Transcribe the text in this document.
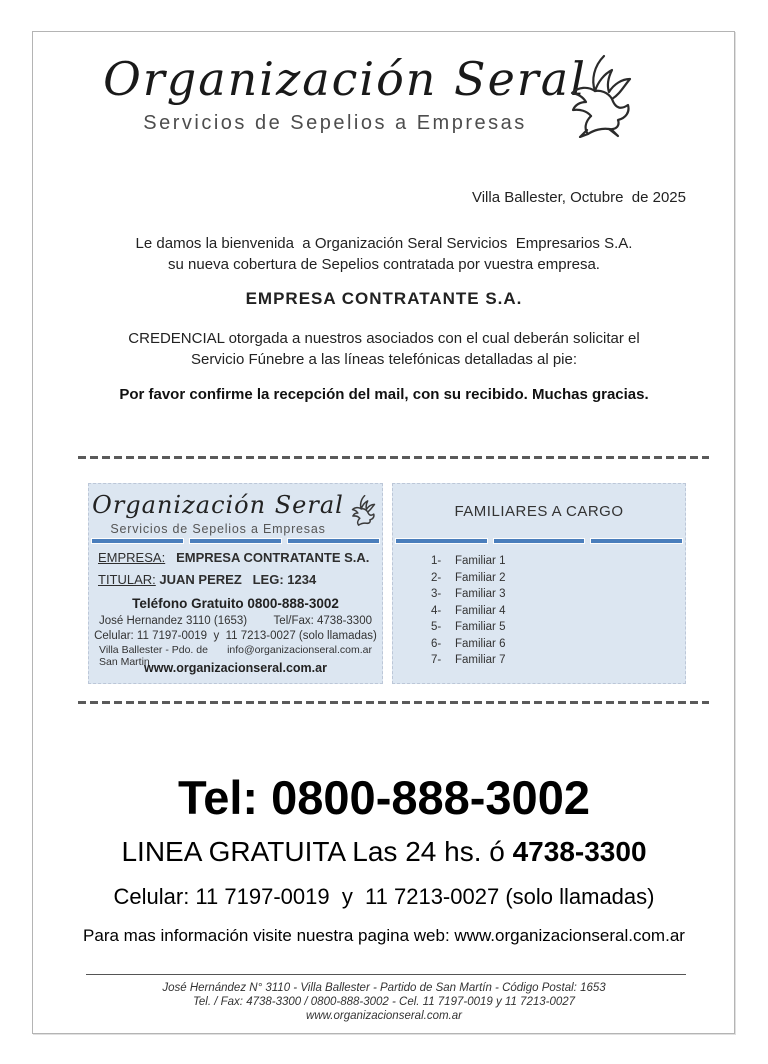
Organización Seral
Servicios de Sepelios a Empresas
Villa Ballester, Octubre  de 2025
Le damos la bienvenida  a Organización Seral Servicios  Empresarios S.A.
su nueva cobertura de Sepelios contratada por vuestra empresa.
EMPRESA CONTRATANTE S.A.
CREDENCIAL otorgada a nuestros asociados con el cual deberán solicitar el
Servicio Fúnebre a las líneas telefónicas detalladas al pie:
Por favor confirme la recepción del mail, con su recibido. Muchas gracias.
Organización Seral
Servicios de Sepelios a Empresas
EMPRESA: EMPRESA CONTRATANTE S.A.
TITULAR: JUAN PEREZ   LEG: 1234
Teléfono Gratuito 0800-888-3002
José Hernandez 3110 (1653) Tel/Fax: 4738-3300
Celular: 11 7197-0019  y  11 7213-0027 (solo llamadas)
Villa Ballester - Pdo. de San Martin
info@organizacionseral.com.ar
www.organizacionseral.com.ar
FAMILIARES A CARGO
1-	Familiar 1
2-	Familiar 2
3-	Familiar 3
4-	Familiar 4
5-	Familiar 5
6-	Familiar 6
7-	Familiar 7
Tel: 0800-888-3002
LINEA GRATUITA Las 24 hs. ó 4738-3300
Celular: 11 7197-0019  y  11 7213-0027 (solo llamadas)
Para mas información visite nuestra pagina web: www.organizacionseral.com.ar
José Hernández N° 3110 - Villa Ballester - Partido de San Martín - Código Postal: 1653
Tel. / Fax: 4738-3300 / 0800-888-3002 - Cel. 11 7197-0019 y 11 7213-0027
www.organizacionseral.com.ar
